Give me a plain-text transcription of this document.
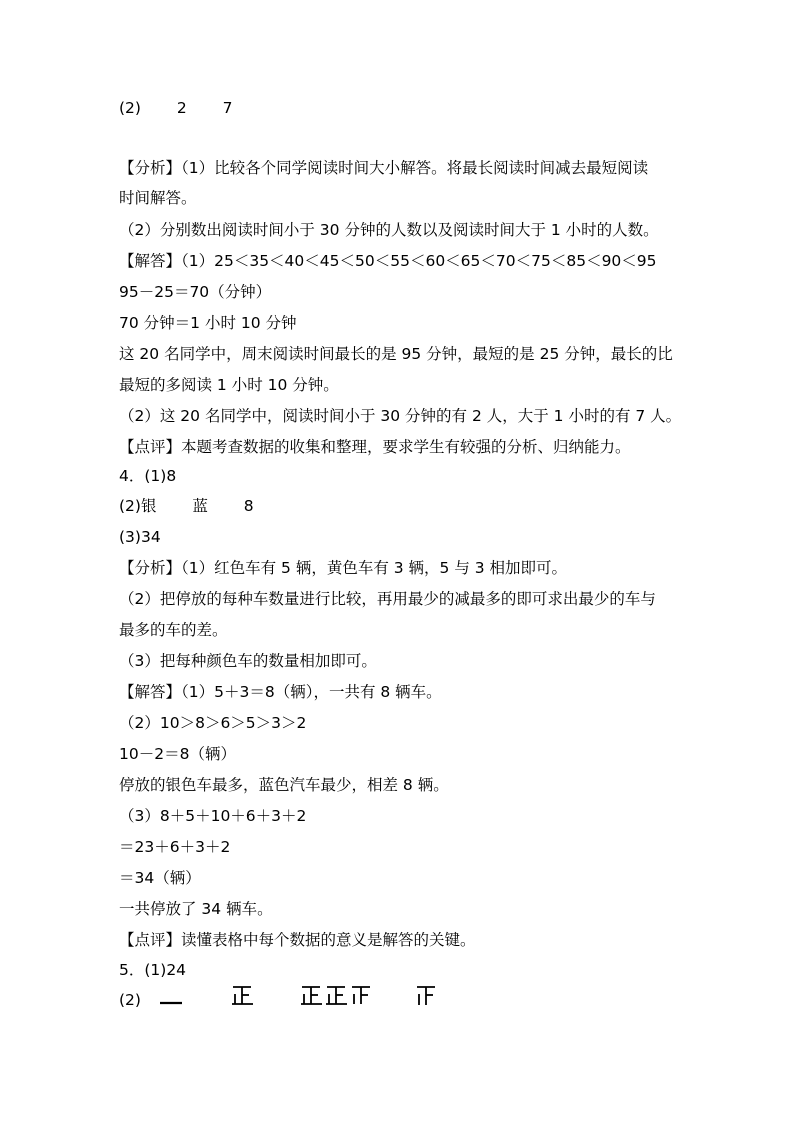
(2)　　 2　　 7
【分析】（1）比较各个同学阅读时间大小解答。将最长阅读时间减去最短阅读
时间解答。
（2）分别数出阅读时间小于 30 分钟的人数以及阅读时间大于 1 小时的人数。
【解答】（1）25＜35＜40＜45＜50＜55＜60＜65＜70＜75＜85＜90＜95
95－25＝70（分钟）
70 分钟＝1 小时 10 分钟
这 20 名同学中，周末阅读时间最长的是 95 分钟，最短的是 25 分钟，最长的比
最短的多阅读 1 小时 10 分钟。
（2）这 20 名同学中，阅读时间小于 30 分钟的有 2 人，大于 1 小时的有 7 人。
【点评】本题考查数据的收集和整理，要求学生有较强的分析、归纳能力。
4．(1)8
(2)银　　 蓝　　 8
(3)34
【分析】（1）红色车有 5 辆，黄色车有 3 辆，5 与 3 相加即可。
（2）把停放的每种车数量进行比较，再用最少的减最多的即可求出最少的车与
最多的车的差。
（3）把每种颜色车的数量相加即可。
【解答】（1）5＋3＝8（辆），一共有 8 辆车。
（2）10＞8＞6＞5＞3＞2
10－2＝8（辆）
停放的银色车最多，蓝色汽车最少，相差 8 辆。
（3）8＋5＋10＋6＋3＋2
＝23＋6＋3＋2
＝34（辆）
一共停放了 34 辆车。
【点评】读懂表格中每个数据的意义是解答的关键。
5．(1)24
(2)
